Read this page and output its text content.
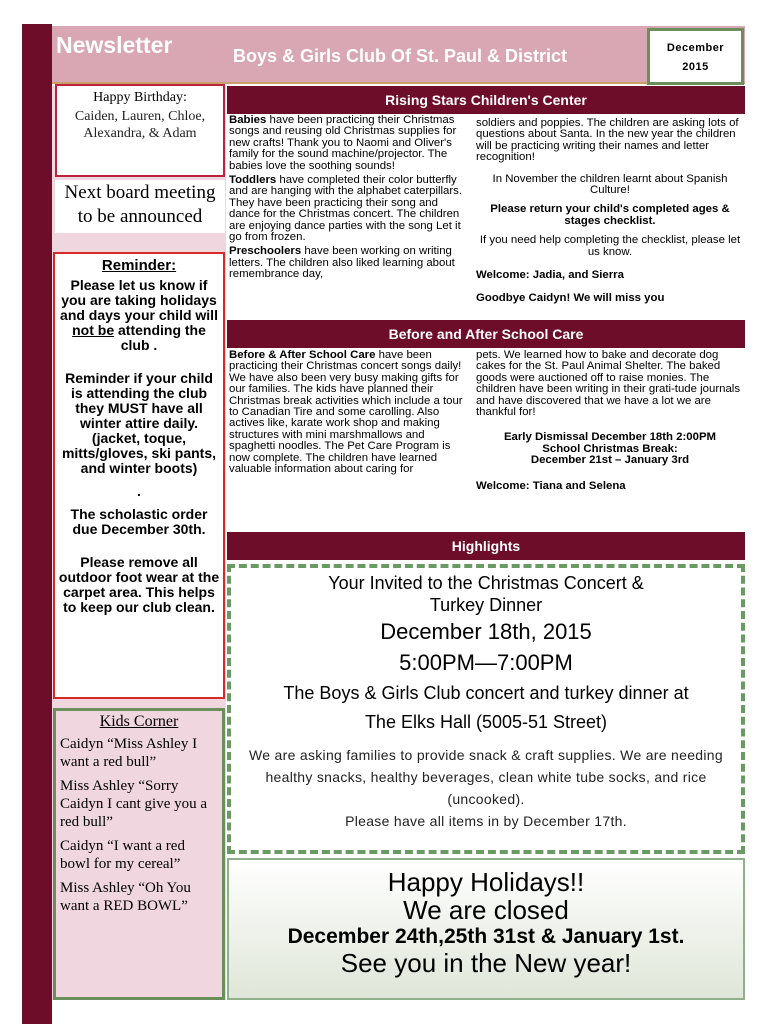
Newsletter	Boys & Girls Club Of St. Paul & District	December
2015
Happy Birthday:
Caiden, Lauren, Chloe, Alexandra, & Adam
Next board meeting to be announced
Reminder:

Please let us know if you are taking holidays and days your child will not be attending the club .

Reminder if your child is attending the club they MUST have all winter attire daily. (jacket, toque, mitts/gloves, ski pants, and winter boots)

.

The scholastic order due December 30th.

Please remove all outdoor foot wear at the carpet area. This helps to keep our club clean.

Kids Corner
Caidyn “Miss Ashley I want a red bull”
Miss Ashley “Sorry Caidyn I cant give you a red bull”
Caidyn “I want a red bowl for my cereal”
Miss Ashley “Oh You want a RED BOWL”
Rising Stars Children's Center

Babies have been practicing their Christmas songs and reusing old Christmas supplies for new crafts! Thank you to Naomi and Oliver's family for the sound machine/projector. The babies love the soothing sounds!

Toddlers have completed their color butterfly and are hanging with the alphabet caterpillars. They have been practicing their song and dance for the Christmas concert. The children are enjoying dance parties with the song Let it go from frozen.

Preschoolers have been working on writing letters. The children also liked learning about remembrance day,

soldiers and poppies. The children are asking lots of questions about Santa. In the new year the children will be practicing writing their names and letter recognition!

In November the children learnt about Spanish Culture!

Please return your child's completed ages & stages checklist.

If you need help completing the checklist, please let us know.

Welcome: Jadia, and Sierra

Goodbye Caidyn! We will miss you

Before and After School Care

Before & After School Care have been practicing their Christmas concert songs daily! We have also been very busy making gifts for our families. The kids have planned their Christmas break activities which include a tour to Canadian Tire and some carolling. Also actives like, karate work shop and making structures with mini marshmallows and spaghetti noodles. The Pet Care Program is now complete. The children have learned valuable information about caring for

pets. We learned how to bake and decorate dog cakes for the St. Paul Animal Shelter. The baked goods were auctioned off to raise monies. The children have been writing in their grati-tude journals and have discovered that we have a lot we are thankful for!

Early Dismissal December 18th 2:00PM

School Christmas Break:

December 21st – January 3rd

Welcome: Tiana and Selena

Highlights
Your Invited to the Christmas Concert &
Turkey Dinner
December 18th, 2015
5:00PM—7:00PM
The Boys & Girls Club concert and turkey dinner at
The Elks Hall (5005-51 Street)
We are asking families to provide snack & craft supplies. We are needing healthy snacks, healthy beverages, clean white tube socks, and rice (uncooked).
Please have all items in by December 17th.
Happy Holidays!!
We are closed
December 24th,25th 31st & January 1st.
See you in the New year!
